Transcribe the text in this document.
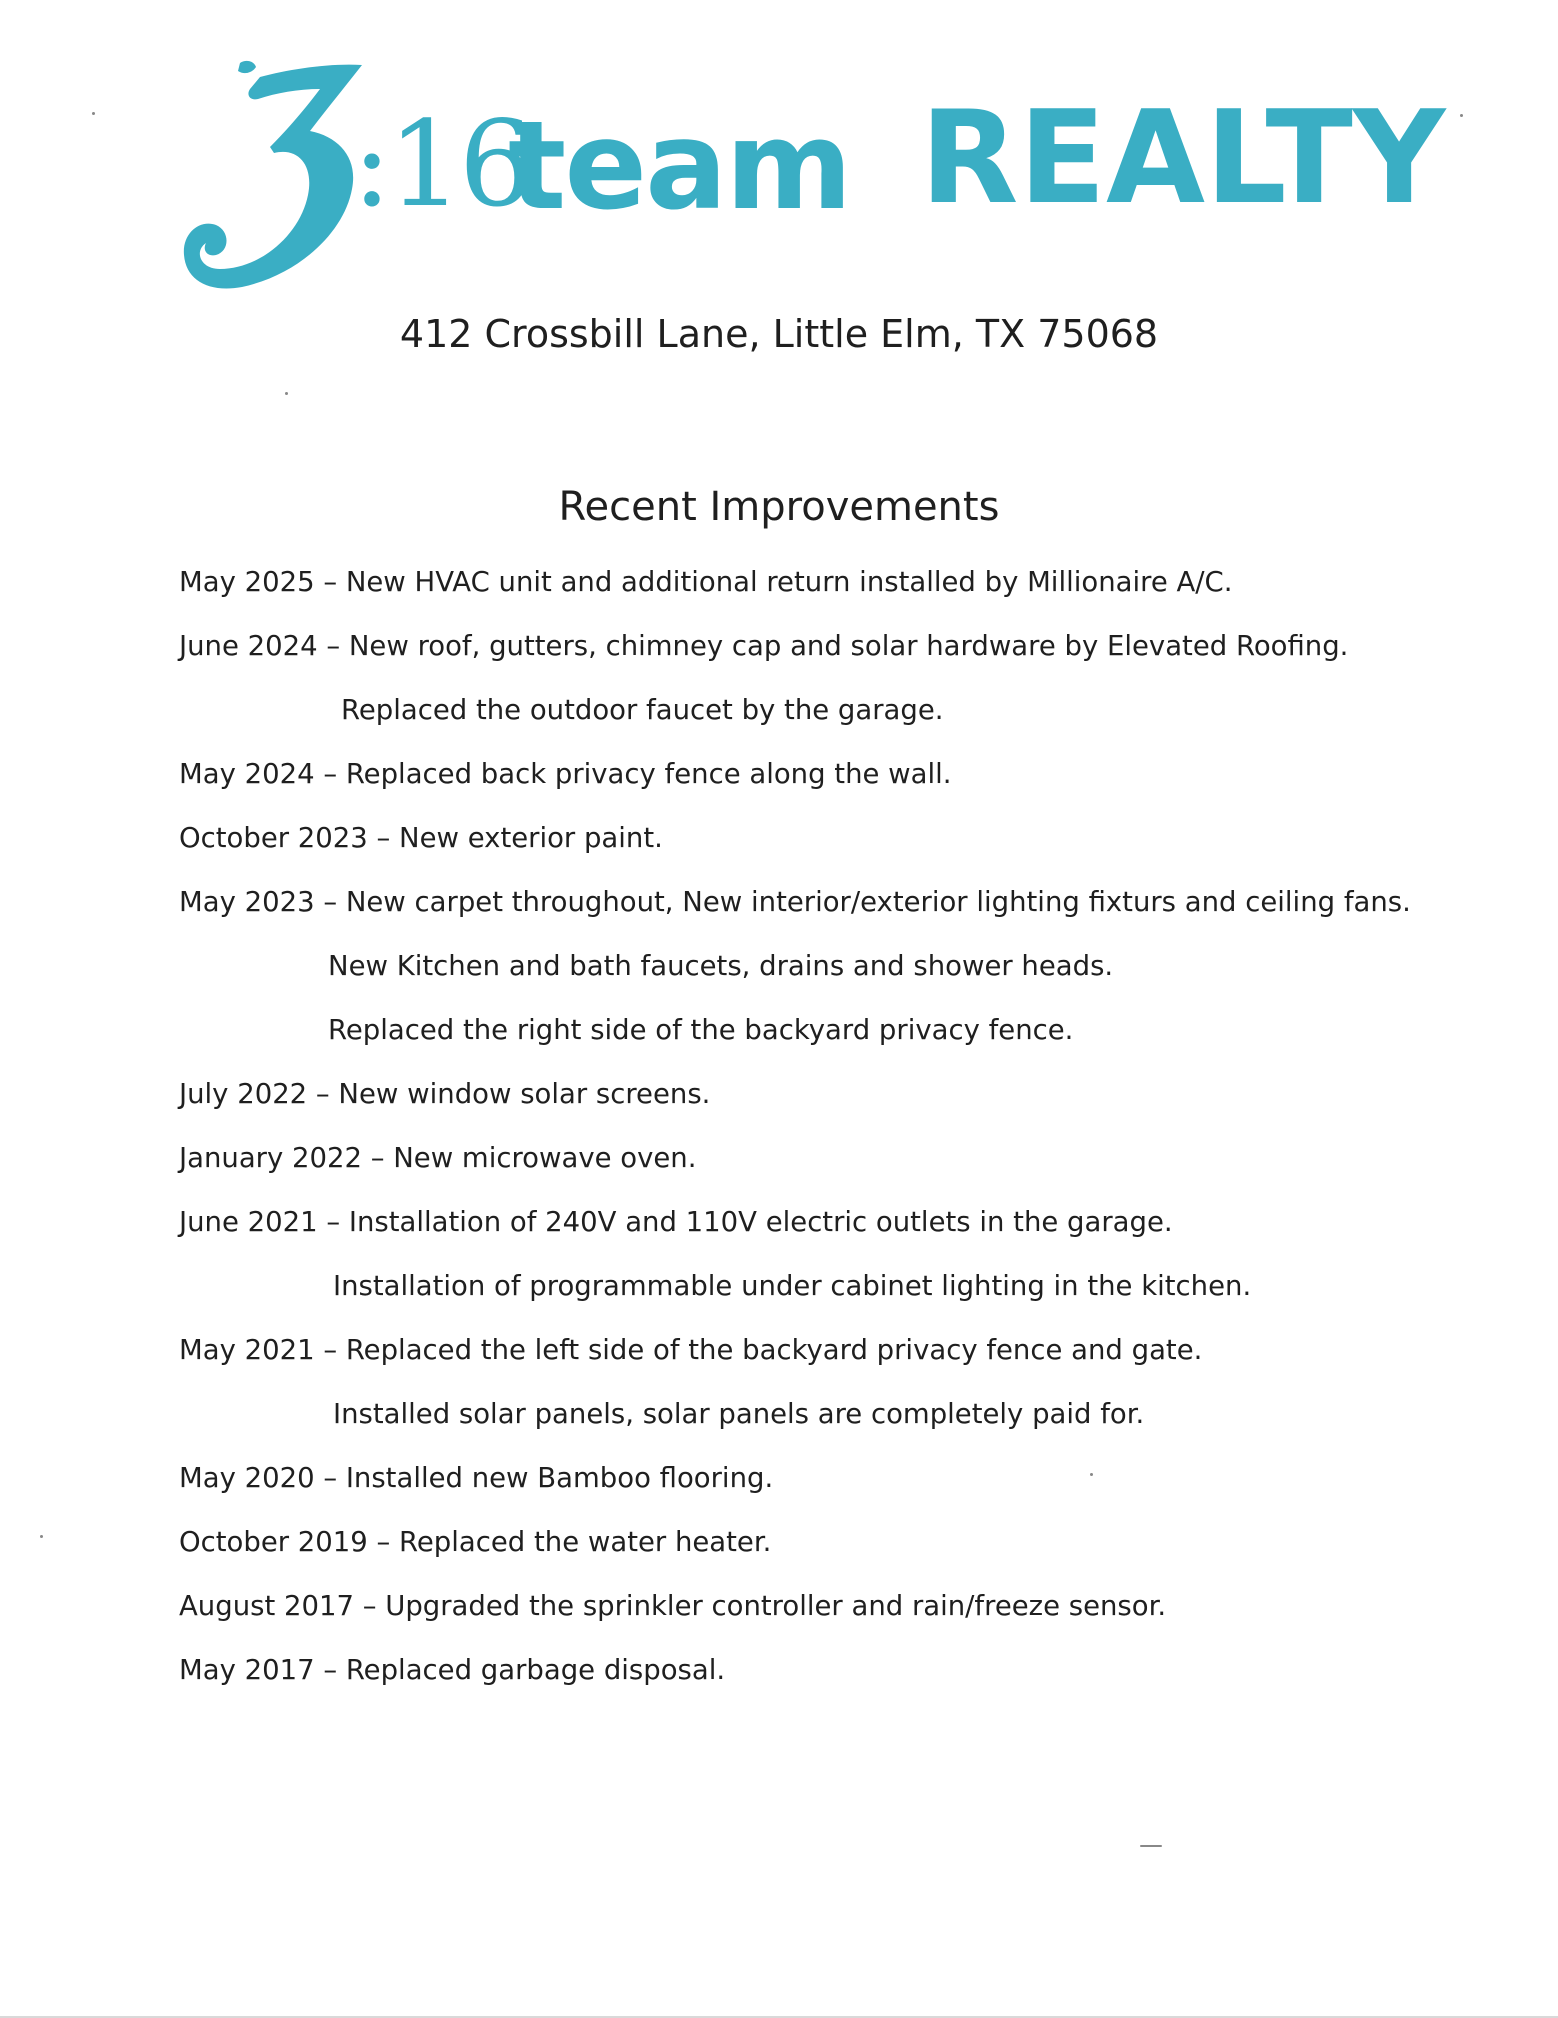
:16
team REALTY
412 Crossbill Lane, Little Elm, TX 75068
Recent Improvements
May 2025 – New HVAC unit and additional return installed by Millionaire A/C.
June 2024 – New roof, gutters, chimney cap and solar hardware by Elevated Roofing.
Replaced the outdoor faucet by the garage.
May 2024 – Replaced back privacy fence along the wall.
October 2023 – New exterior paint.
May 2023 – New carpet throughout, New interior/exterior lighting fixturs and ceiling fans.
New Kitchen and bath faucets, drains and shower heads.
Replaced the right side of the backyard privacy fence.
July 2022 – New window solar screens.
January 2022 – New microwave oven.
June 2021 – Installation of 240V and 110V electric outlets in the garage.
Installation of programmable under cabinet lighting in the kitchen.
May 2021 – Replaced the left side of the backyard privacy fence and gate.
Installed solar panels, solar panels are completely paid for.
May 2020 – Installed new Bamboo flooring.
October 2019 – Replaced the water heater.
August 2017 – Upgraded the sprinkler controller and rain/freeze sensor.
May 2017 – Replaced garbage disposal.
